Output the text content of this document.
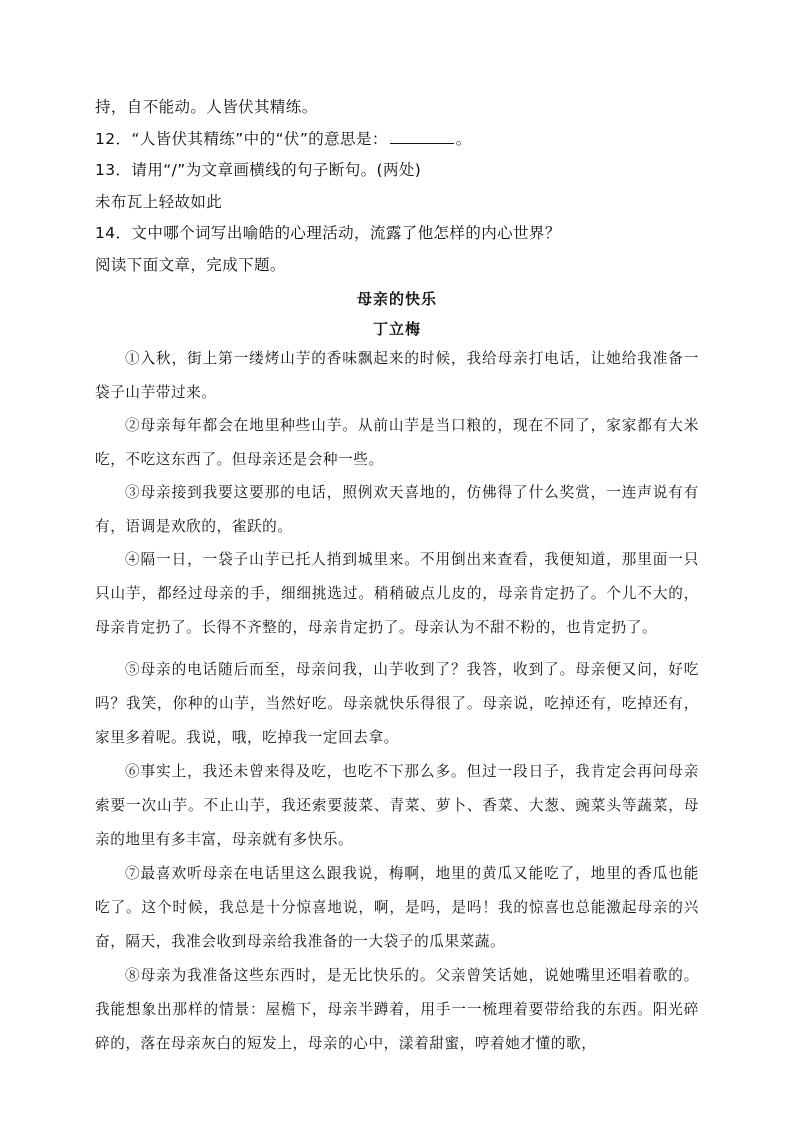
持，自不能动。人皆伏其精练。
12．“人皆伏其精练”中的“伏”的意思是：	。
13．请用“/”为文章画横线的句子断句。(两处)
未布瓦上轻故如此
14．文中哪个词写出喻皓的心理活动，流露了他怎样的内心世界？
阅读下面文章，完成下题。
母亲的快乐
丁立梅
①入秋，街上第一缕烤山芋的香味飘起来的时候，我给母亲打电话，让她给我准备一袋子山芋带过来。
②母亲每年都会在地里种些山芋。从前山芋是当口粮的，现在不同了，家家都有大米吃，不吃这东西了。但母亲还是会种一些。
③母亲接到我要这要那的电话，照例欢天喜地的，仿佛得了什么奖赏，一连声说有有有，语调是欢欣的，雀跃的。
④隔一日，一袋子山芋已托人捎到城里来。不用倒出来查看，我便知道，那里面一只只山芋，都经过母亲的手，细细挑选过。稍稍破点儿皮的，母亲肯定扔了。个儿不大的，母亲肯定扔了。长得不齐整的，母亲肯定扔了。母亲认为不甜不粉的，也肯定扔了。
⑤母亲的电话随后而至，母亲问我，山芋收到了？我答，收到了。母亲便又问，好吃吗？我笑，你种的山芋，当然好吃。母亲就快乐得很了。母亲说，吃掉还有，吃掉还有，家里多着呢。我说，哦，吃掉我一定回去拿。
⑥事实上，我还未曾来得及吃，也吃不下那么多。但过一段日子，我肯定会再问母亲索要一次山芋。不止山芋，我还索要菠菜、青菜、萝卜、香菜、大葱、豌菜头等蔬菜，母亲的地里有多丰富，母亲就有多快乐。
⑦最喜欢听母亲在电话里这么跟我说，梅啊，地里的黄瓜又能吃了，地里的香瓜也能吃了。这个时候，我总是十分惊喜地说，啊，是吗，是吗！我的惊喜也总能激起母亲的兴奋，隔天，我准会收到母亲给我准备的一大袋子的瓜果菜蔬。
⑧母亲为我准备这些东西时，是无比快乐的。父亲曾笑话她，说她嘴里还唱着歌的。我能想象出那样的情景：屋檐下，母亲半蹲着，用手一一梳理着要带给我的东西。阳光碎碎的，落在母亲灰白的短发上，母亲的心中，漾着甜蜜，哼着她才懂的歌，
